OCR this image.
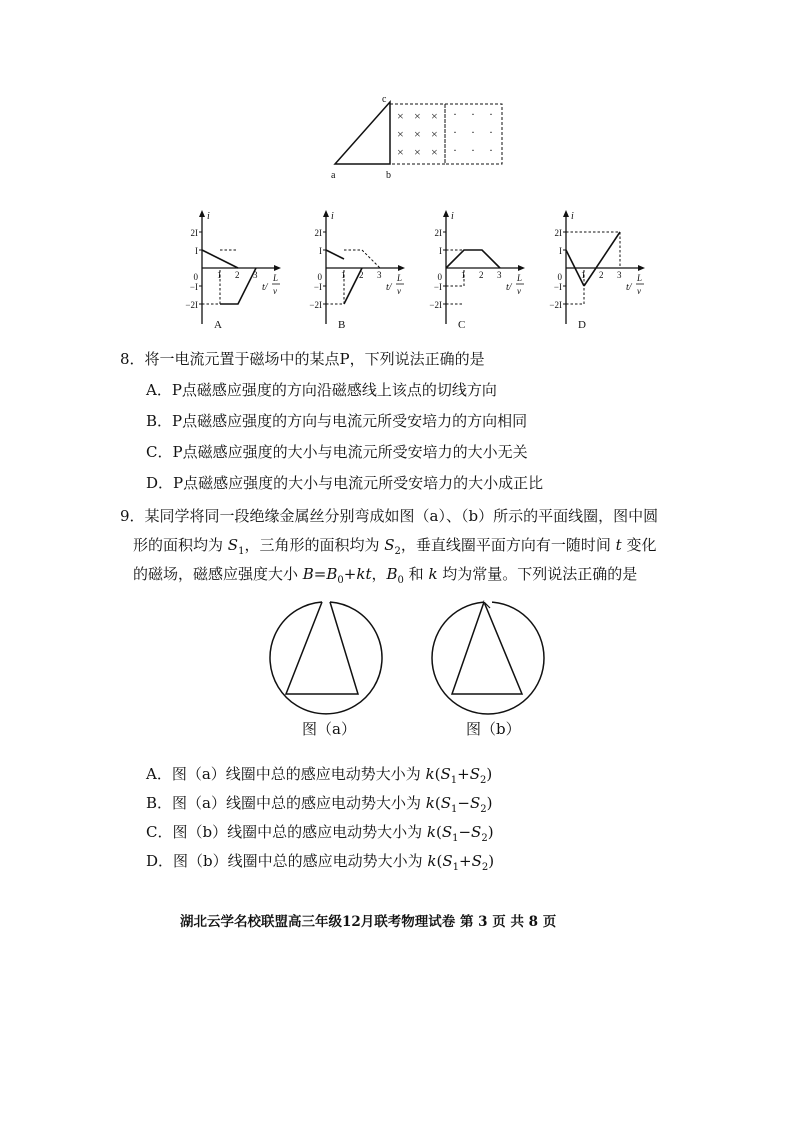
a	b
c
× × ×
× × ×
× × ×
· · ·
· · ·
· · ·
i
2I
I
0
−I
−2I
1 2 3
t/
L
v
A
i
2I
I
0
−I
−2I
1 2 3
t/
L
v
B
i
2I
I
0
−I
−2I
1 2 3
t/
L
v
C
i
2I
I
0
−I
−2I
1 2 3
t/
L
v
D
8．将一电流元置于磁场中的某点P，下列说法正确的是
A．P点磁感应强度的方向沿磁感线上该点的切线方向
B．P点磁感应强度的方向与电流元所受安培力的方向相同
C．P点磁感应强度的大小与电流元所受安培力的大小无关
D．P点磁感应强度的大小与电流元所受安培力的大小成正比
9．某同学将同一段绝缘金属丝分别弯成如图（a）、（b）所示的平面线圈，图中圆
形的面积均为 $S_1$，三角形的面积均为 $S_2$，垂直线圈平面方向有一随时间 t 变化
的磁场，磁感应强度大小 $B=B_0+kt$，$B_0$ 和 k 均为常量。下列说法正确的是
图（a）	图（b）
A．图（a）线圈中总的感应电动势大小为 $k(S_1+S_2)$
B．图（a）线圈中总的感应电动势大小为 $k(S_1-S_2)$
C．图（b）线圈中总的感应电动势大小为 $k(S_1-S_2)$
D．图（b）线圈中总的感应电动势大小为 $k(S_1+S_2)$
湖北云学名校联盟高三年级12月联考物理试卷 第 3 页 共 8 页
